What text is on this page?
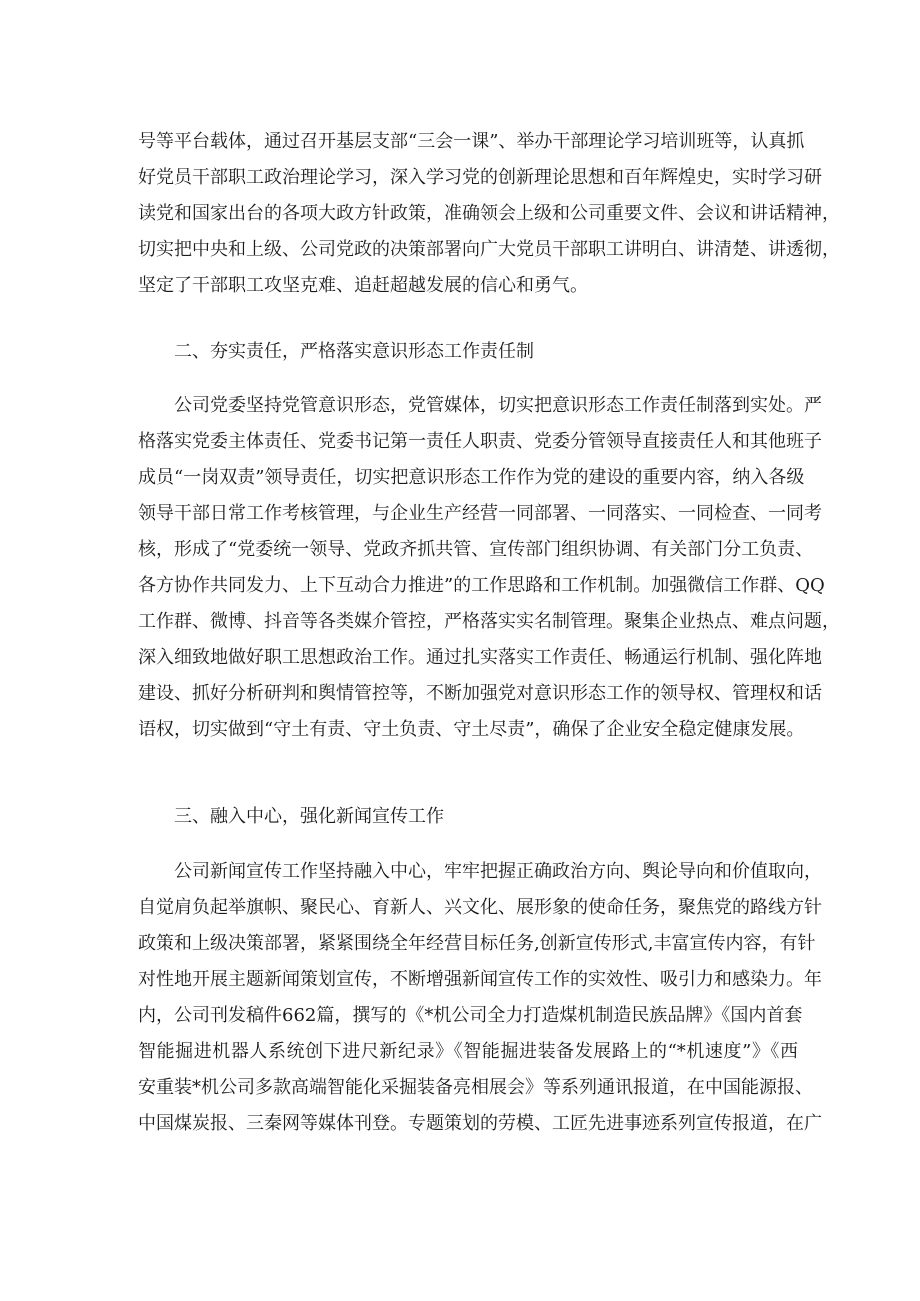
号等平台载体，通过召开基层支部“三会一课”、举办干部理论学习培训班等，认真抓
好党员干部职工政治理论学习，深入学习党的创新理论思想和百年辉煌史，实时学习研
读党和国家出台的各项大政方针政策，准确领会上级和公司重要文件、会议和讲话精神，
切实把中央和上级、公司党政的决策部署向广大党员干部职工讲明白、讲清楚、讲透彻，
坚定了干部职工攻坚克难、追赶超越发展的信心和勇气。
二、夯实责任，严格落实意识形态工作责任制
公司党委坚持党管意识形态，党管媒体，切实把意识形态工作责任制落到实处。严
格落实党委主体责任、党委书记第一责任人职责、党委分管领导直接责任人和其他班子
成员“一岗双责”领导责任，切实把意识形态工作作为党的建设的重要内容，纳入各级
领导干部日常工作考核管理，与企业生产经营一同部署、一同落实、一同检查、一同考
核，形成了“党委统一领导、党政齐抓共管、宣传部门组织协调、有关部门分工负责、
各方协作共同发力、上下互动合力推进”的工作思路和工作机制。加强微信工作群、QQ
工作群、微博、抖音等各类媒介管控，严格落实实名制管理。聚集企业热点、难点问题，
深入细致地做好职工思想政治工作。通过扎实落实工作责任、畅通运行机制、强化阵地
建设、抓好分析研判和舆情管控等，不断加强党对意识形态工作的领导权、管理权和话
语权，切实做到“守土有责、守土负责、守土尽责”，确保了企业安全稳定健康发展。
三、融入中心，强化新闻宣传工作
公司新闻宣传工作坚持融入中心，牢牢把握正确政治方向、舆论导向和价值取向，
自觉肩负起举旗帜、聚民心、育新人、兴文化、展形象的使命任务，聚焦党的路线方针
政策和上级决策部署，紧紧围绕全年经营目标任务,创新宣传形式,丰富宣传内容，有针
对性地开展主题新闻策划宣传，不断增强新闻宣传工作的实效性、吸引力和感染力。年
内，公司刊发稿件662篇，撰写的《*机公司全力打造煤机制造民族品牌》《国内首套
智能掘进机器人系统创下进尺新纪录》《智能掘进装备发展路上的“*机速度”》《西
安重装*机公司多款高端智能化采掘装备亮相展会》等系列通讯报道，在中国能源报、
中国煤炭报、三秦网等媒体刊登。专题策划的劳模、工匠先进事迹系列宣传报道，在广
